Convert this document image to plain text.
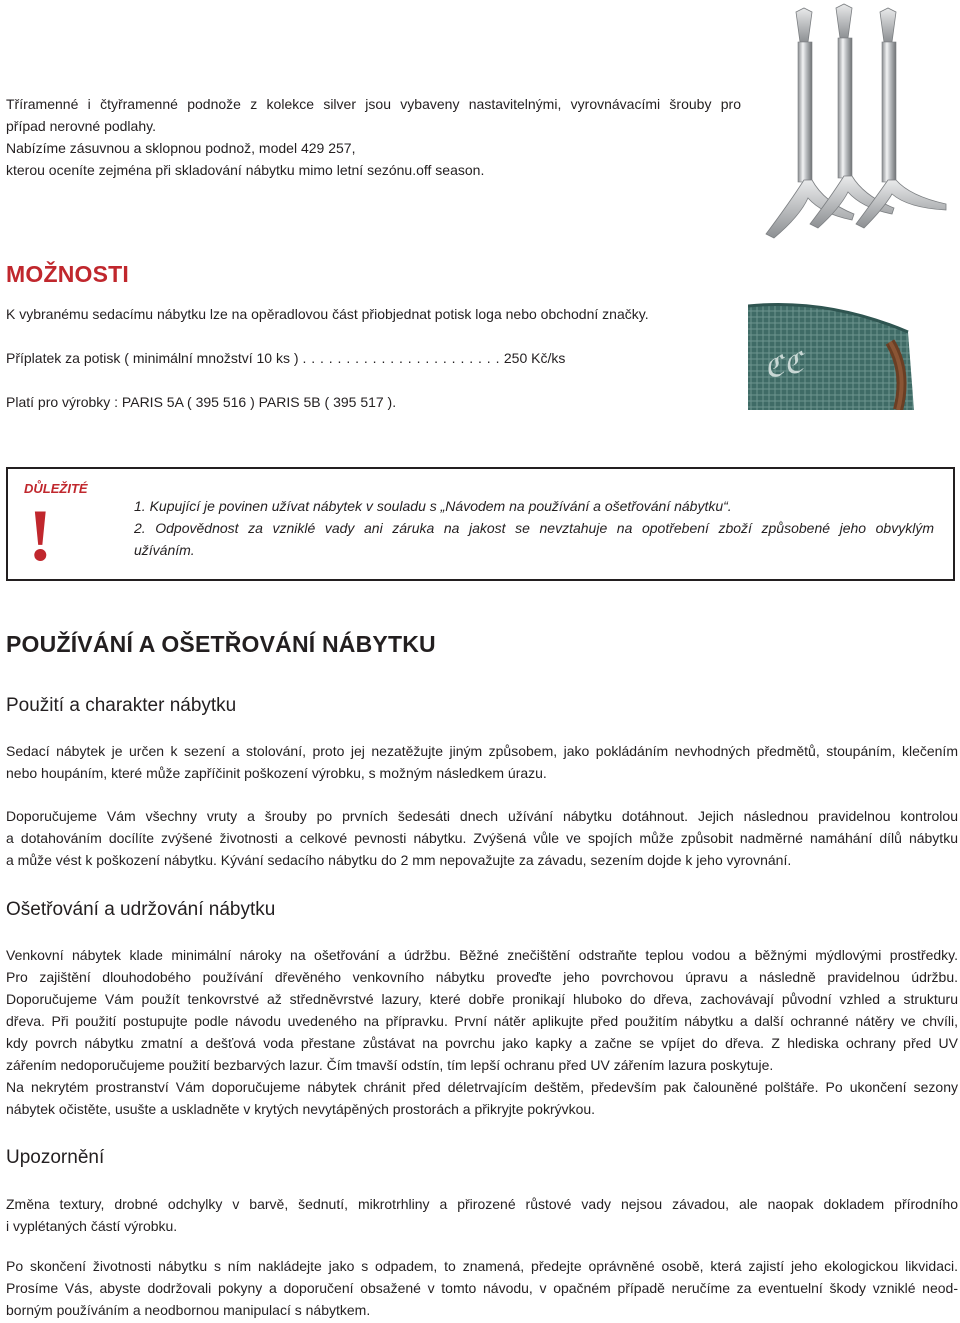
Tříramenné i čtyřramenné podnože z kolekce silver jsou vybaveny nastavitelnými, vyrovnávacími šrouby pro
případ nerovné podlahy.
Nabízíme zásuvnou a sklopnou podnož, model 429 257,
kterou oceníte zejména při skladování nábytku mimo letní sezónu.off season.
MOŽNOSTI

K vybranému sedacímu nábytku lze na opěradlovou část přiobjednat potisk loga nebo obchodní značky.

Příplatek za potisk ( minimální množství 10 ks ) . . . . . . . . . . . . . . . . . . . . . . . 250 Kč/ks

Platí pro výrobky : PARIS 5A ( 395 516 ) PARIS 5B ( 395 517 ).

ℭℭ
DŮLEŽITÉ
!	1. Kupující je povinen užívat nábytek v souladu s „Návodem na používání a ošetřování nábytku“.
2. Odpovědnost za vzniklé vady ani záruka na jakost se nevztahuje na opotřebení zboží způsobené jeho obvyklým
užíváním.
POUŽÍVÁNÍ A OŠETŘOVÁNÍ NÁBYTKU
Použití a charakter nábytku
Sedací nábytek je určen k sezení a stolování, proto jej nezatěžujte jiným způsobem, jako pokládáním nevhodných předmětů, stoupáním, klečením
nebo houpáním, které může zapříčinit poškození výrobku, s možným následkem úrazu.
Doporučujeme Vám všechny vruty a šrouby po prvních šedesáti dnech užívání nábytku dotáhnout. Jejich následnou pravidelnou kontrolou
a dotahováním docílíte zvýšené životnosti a celkové pevnosti nábytku. Zvýšená vůle ve spojích může způsobit nadměrné namáhání dílů nábytku
a může vést k poškození nábytku. Kývání sedacího nábytku do 2 mm nepovažujte za závadu, sezením dojde k jeho vyrovnání.
Ošetřování a udržování nábytku
Venkovní nábytek klade minimální nároky na ošetřování a údržbu. Běžné znečištění odstraňte teplou vodou a běžnými mýdlovými prostředky.
Pro zajištění dlouhodobého používání dřevěného venkovního nábytku proveďte jeho povrchovou úpravu a následně pravidelnou údržbu.
Doporučujeme Vám použít tenkovrstvé až středněvrstvé lazury, které dobře pronikají hluboko do dřeva, zachovávají původní vzhled a strukturu
dřeva. Při použití postupujte podle návodu uvedeného na přípravku. První nátěr aplikujte před použitím nábytku a další ochranné nátěry ve chvíli,
kdy povrch nábytku zmatní a dešťová voda přestane zůstávat na povrchu jako kapky a začne se vpíjet do dřeva. Z hlediska ochrany před UV
zářením nedoporučujeme použití bezbarvých lazur. Čím tmavší odstín, tím lepší ochranu před UV zářením lazura poskytuje.
Na nekrytém prostranství Vám doporučujeme nábytek chránit před déletrvajícím deštěm, především pak čalouněné polštáře. Po ukončení sezony
nábytek očistěte, usušte a uskladněte v krytých nevytápěných prostorách a přikryjte pokrývkou.
Upozornění
Změna textury, drobné odchylky v barvě, šednutí, mikrotrhliny a přirozené růstové vady nejsou závadou, ale naopak dokladem přírodního
i vyplétaných částí výrobku.
Po skončení životnosti nábytku s ním nakládejte jako s odpadem, to znamená, předejte oprávněné osobě, která zajistí jeho ekologickou likvidaci.
Prosíme Vás, abyste dodržovali pokyny a doporučení obsažené v tomto návodu, v opačném případě neručíme za eventuelní škody vzniklé neod-
borným používáním a neodbornou manipulací s nábytkem.
